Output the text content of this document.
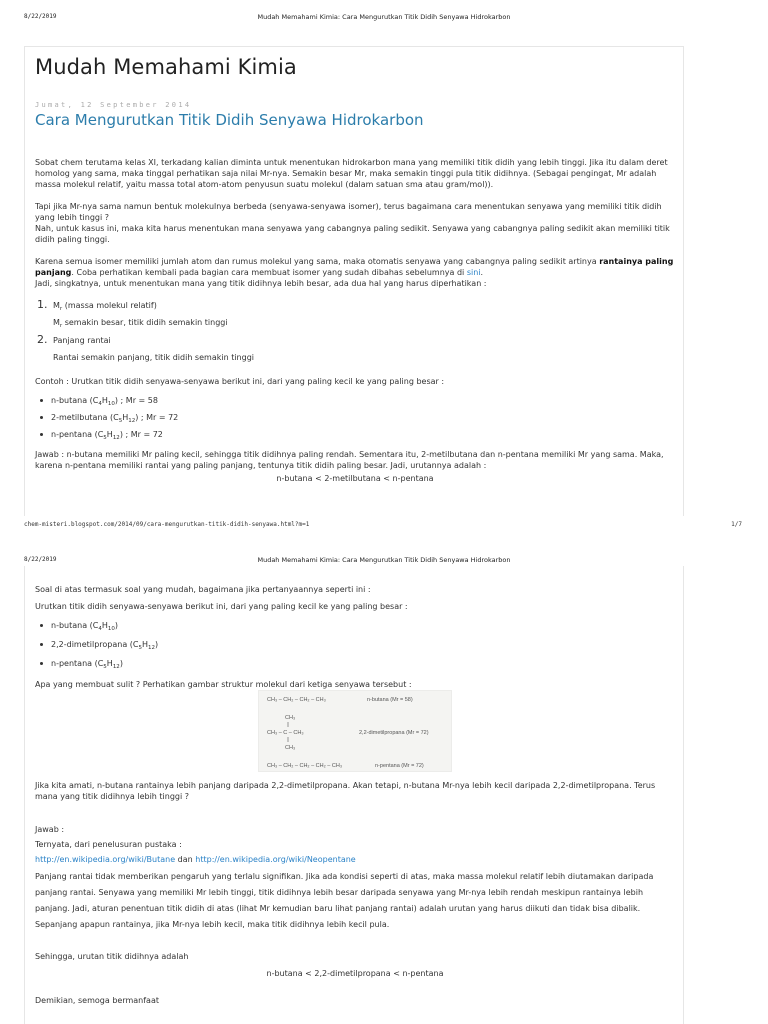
8/22/2019	Mudah Memahami Kimia: Cara Mengurutkan Titik Didih Senyawa Hidrokarbon
Mudah Memahami Kimia
Jumat, 12 September 2014
Cara Mengurutkan Titik Didih Senyawa Hidrokarbon

Sobat chem terutama kelas XI, terkadang kalian diminta untuk menentukan hidrokarbon mana yang memiliki titik didih yang lebih tinggi. Jika itu dalam deret homolog yang sama, maka tinggal perhatikan saja nilai Mr-nya. Semakin besar Mr, maka semakin tinggi pula titik didihnya. (Sebagai pengingat, Mr adalah massa molekul relatif, yaitu massa total atom-atom penyusun suatu molekul (dalam satuan sma atau gram/mol)).

Tapi jika Mr-nya sama namun bentuk molekulnya berbeda (senyawa-senyawa isomer), terus bagaimana cara menentukan senyawa yang memiliki titik didih yang lebih tinggi ?

Nah, untuk kasus ini, maka kita harus menentukan mana senyawa yang cabangnya paling sedikit. Senyawa yang cabangnya paling sedikit akan memiliki titik didih paling tinggi.

Karena semua isomer memiliki jumlah atom dan rumus molekul yang sama, maka otomatis senyawa yang cabangnya paling sedikit artinya rantainya paling panjang. Coba perhatikan kembali pada bagian cara membuat isomer yang sudah dibahas sebelumnya di sini.

Jadi, singkatnya, untuk menentukan mana yang titik didihnya lebih besar, ada dua hal yang harus diperhatikan :

1. $M_r$ (massa molekul relatif)
$M_r$ semakin besar, titik didih semakin tinggi
2. Panjang rantai
Rantai semakin panjang, titik didih semakin tinggi

Contoh : Urutkan titik didih senyawa-senyawa berikut ini, dari yang paling kecil ke yang paling besar :

n-butana $(C_4H_{10})$ ; Mr = 58
2-metilbutana $(C_5H_{12})$ ; Mr = 72
n-pentana $(C_5H_{12})$ ; Mr = 72

Jawab : n-butana memiliki Mr paling kecil, sehingga titik didihnya paling rendah. Sementara itu, 2-metilbutana dan n-pentana memiliki Mr yang sama. Maka, karena n-pentana memiliki rantai yang paling panjang, tentunya titik didih paling besar. Jadi, urutannya adalah :

n-butana < 2-metilbutana < n-pentana

chem-misteri.blogspot.com/2014/09/cara-mengurutkan-titik-didih-senyawa.html?m=1	1/7
8/22/2019	Mudah Memahami Kimia: Cara Mengurutkan Titik Didih Senyawa Hidrokarbon

Soal di atas termasuk soal yang mudah, bagaimana jika pertanyaannya seperti ini :

Urutkan titik didih senyawa-senyawa berikut ini, dari yang paling kecil ke yang paling besar :

n-butana $(C_4H_{10})$
2,2-dimetilpropana $(C_5H_{12})$
n-pentana $(C_5H_{12})$

Apa yang membuat sulit ? Perhatikan gambar struktur molekul dari ketiga senyawa tersebut :

Jika kita amati, n-butana rantainya lebih panjang daripada 2,2-dimetilpropana. Akan tetapi, n-butana Mr-nya lebih kecil daripada 2,2-dimetilpropana. Terus mana yang titik didihnya lebih tinggi ?

Jawab :

Ternyata, dari penelusuran pustaka :

http://en.wikipedia.org/wiki/Butane dan http://en.wikipedia.org/wiki/Neopentane

Panjang rantai tidak memberikan pengaruh yang terlalu signifikan. Jika ada kondisi seperti di atas, maka massa molekul relatif lebih diutamakan daripada panjang rantai. Senyawa yang memiliki Mr lebih tinggi, titik didihnya lebih besar daripada senyawa yang Mr-nya lebih rendah meskipun rantainya lebih panjang. Jadi, aturan penentuan titik didih di atas (lihat Mr kemudian baru lihat panjang rantai) adalah urutan yang harus diikuti dan tidak bisa dibalik. Sepanjang apapun rantainya, jika Mr-nya lebih kecil, maka titik didihnya lebih kecil pula.

Sehingga, urutan titik didihnya adalah

n-butana < 2,2-dimetilpropana < n-pentana

Demikian, semoga bermanfaat

CH₃ – CH₂ – CH₂ – CH₃	n-butana (Mr = 58)
CH₃
CH₃ – C – CH₃
CH₃
2,2-dimetilpropana (Mr = 72)
CH₃ – CH₂ – CH₂ – CH₂ – CH₃	n-pentana (Mr = 72)
